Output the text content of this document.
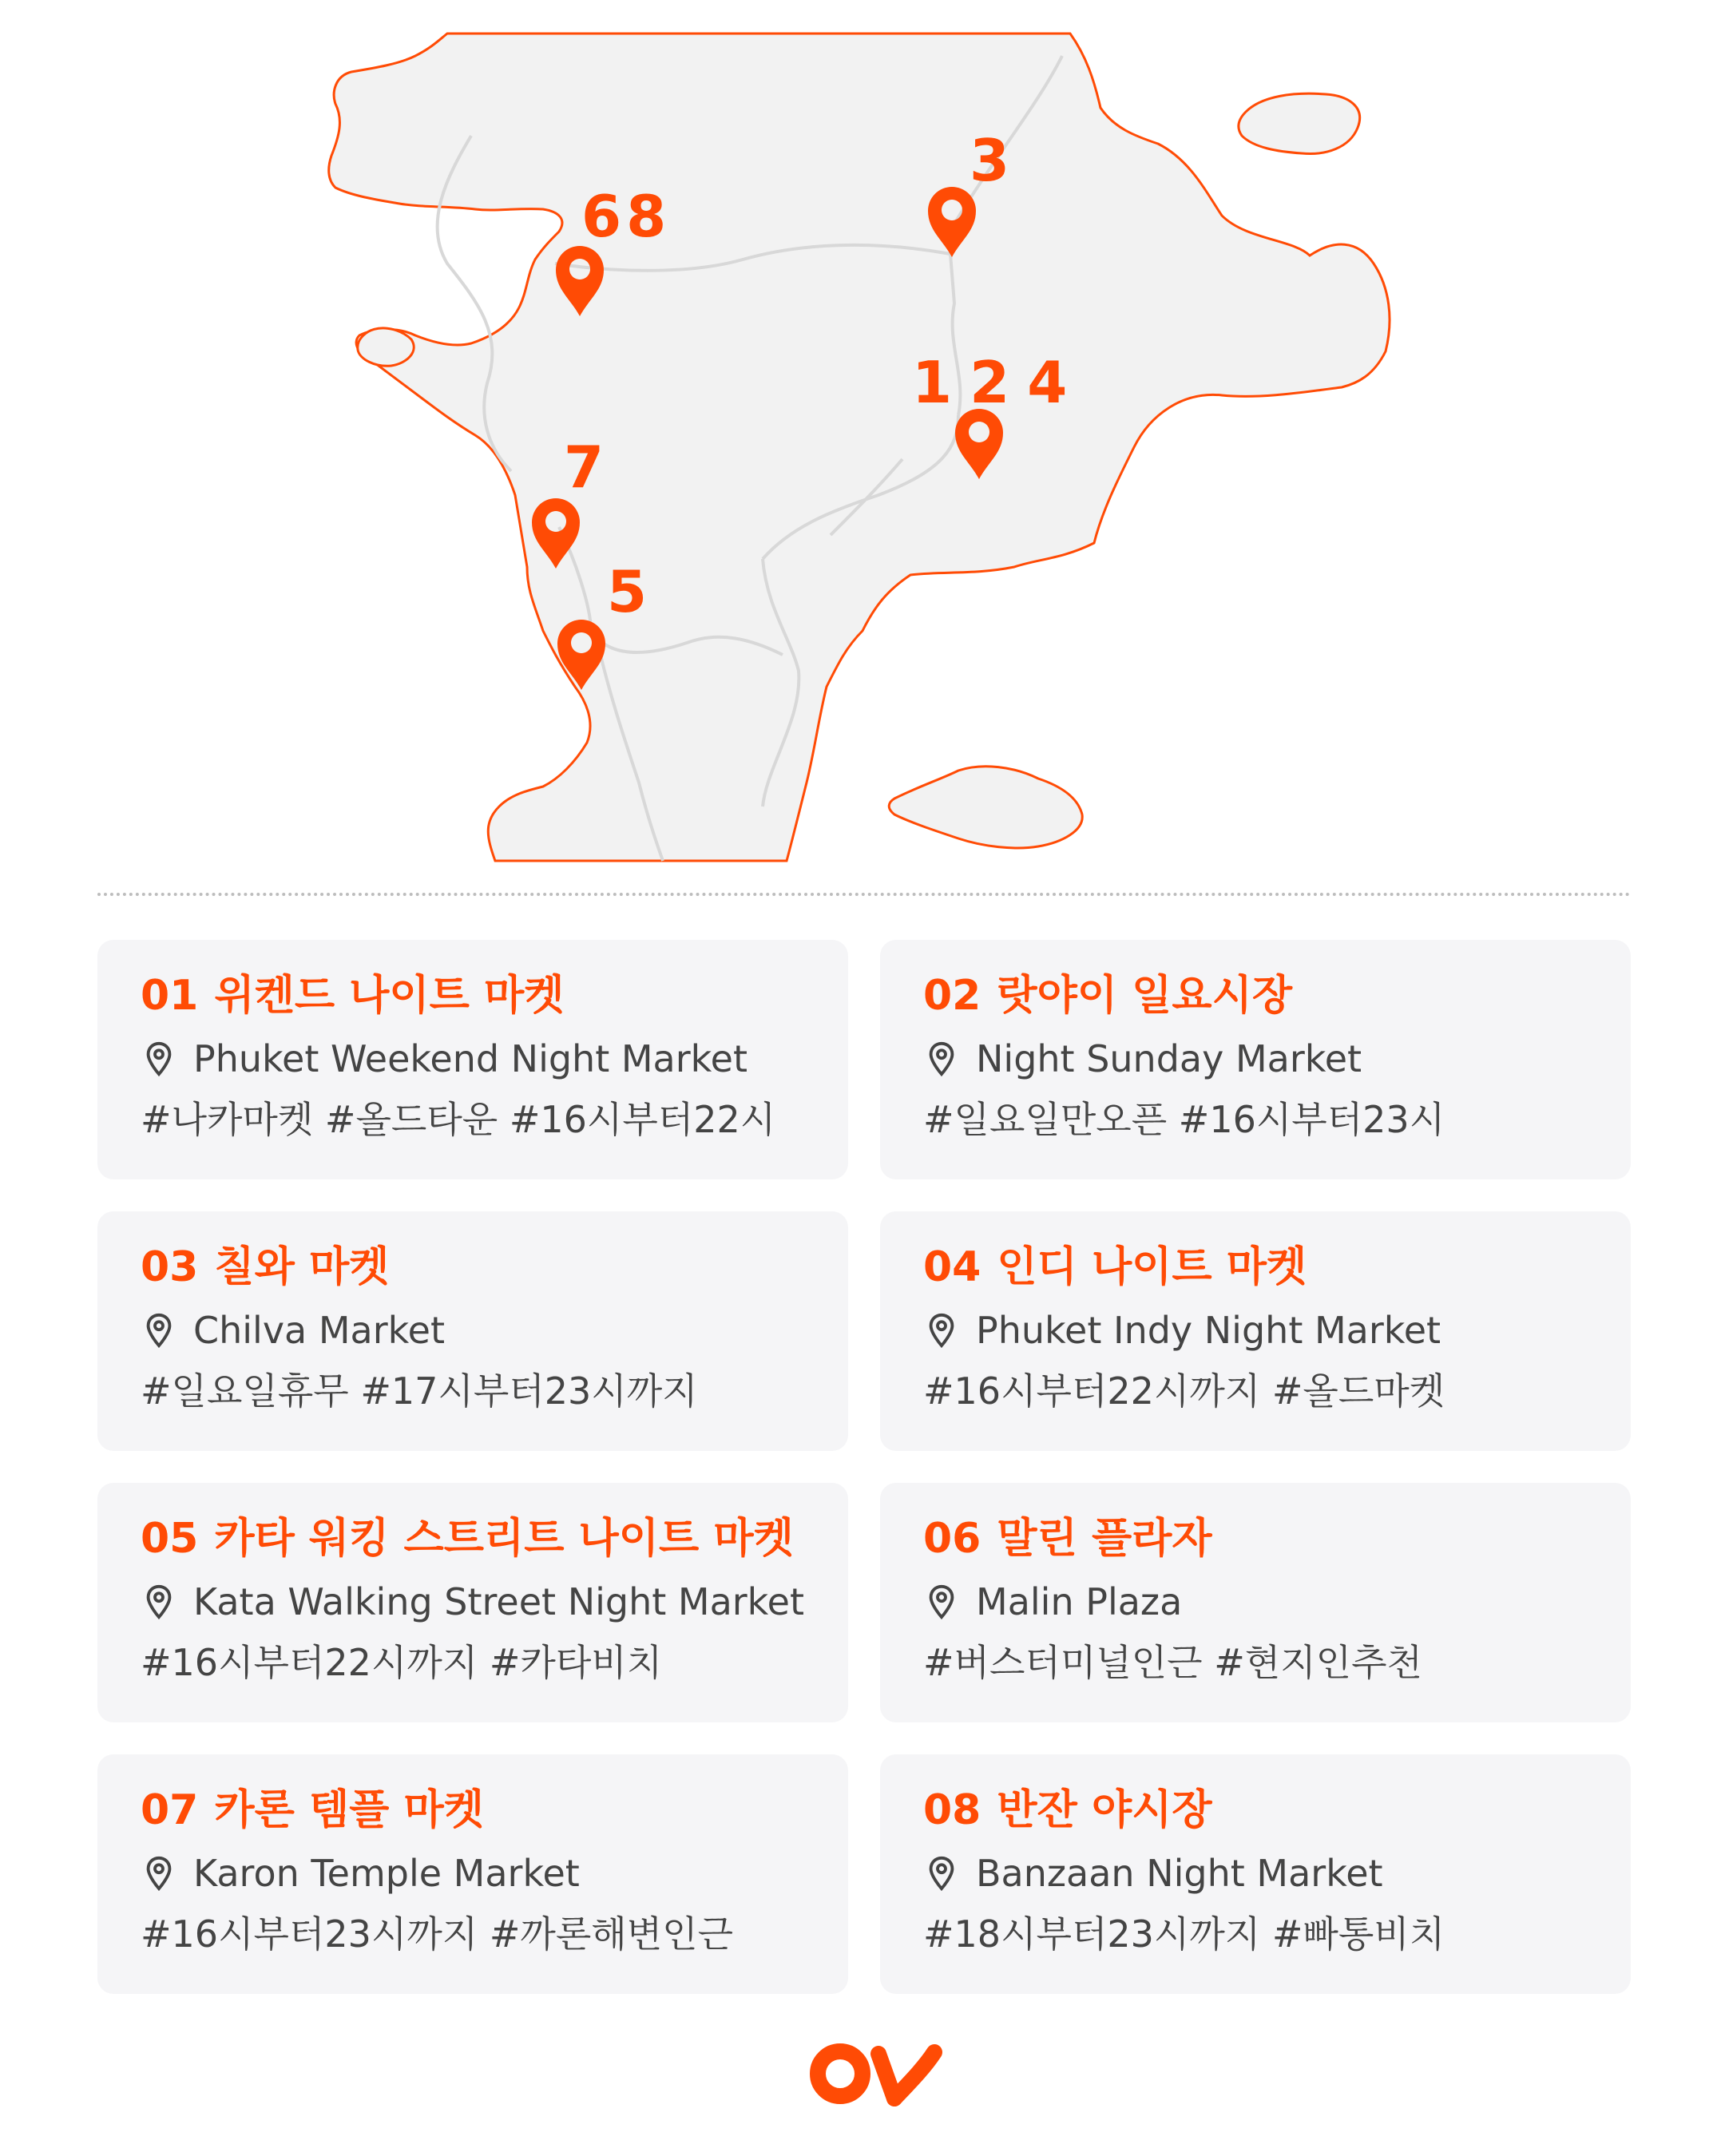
68
3
124
7
5
01 위켄드 나이트 마켓
Phuket Weekend Night Market
#나카마켓 #올드타운 #16시부터22시
02 랏야이 일요시장
Night Sunday Market
#일요일만오픈 #16시부터23시
03 칠와 마켓
Chilva Market
#일요일휴무 #17시부터23시까지
04 인디 나이트 마켓
Phuket Indy Night Market
#16시부터22시까지 #올드마켓
05 카타 워킹 스트리트 나이트 마켓
Kata Walking Street Night Market
#16시부터22시까지 #카타비치
06 말린 플라자
Malin Plaza
#버스터미널인근 #현지인추천
07 카론 템플 마켓
Karon Temple Market
#16시부터23시까지 #까론해변인근
08 반잔 야시장
Banzaan Night Market
#18시부터23시까지 #빠통비치
